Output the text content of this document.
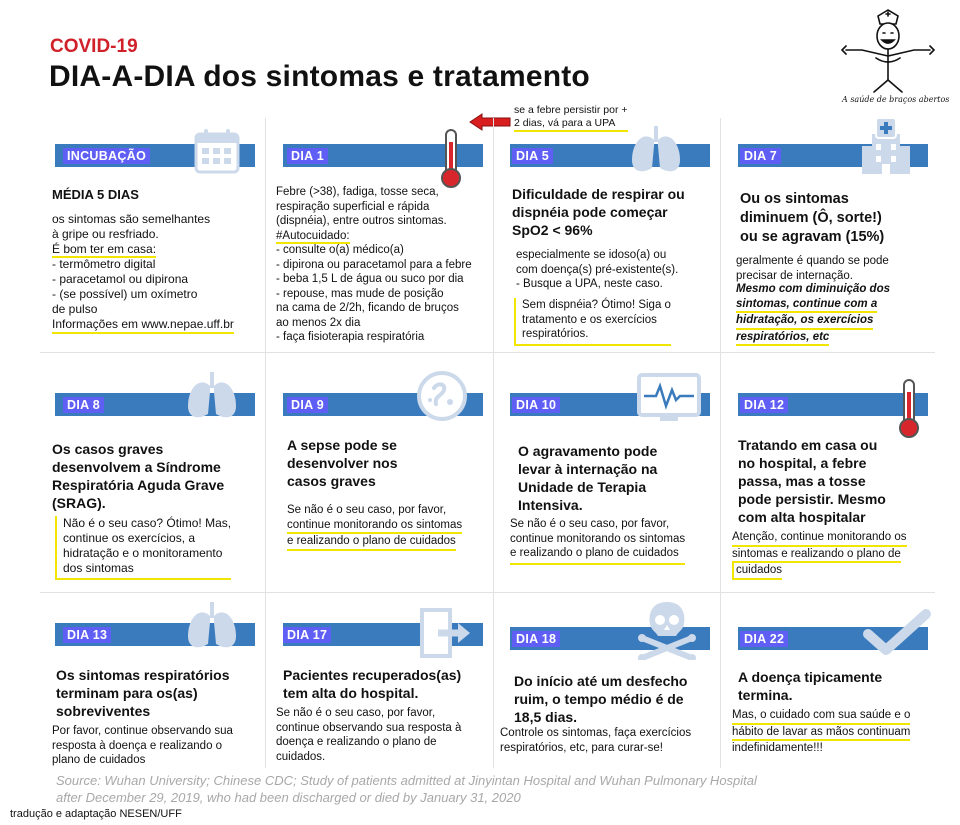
COVID-19
DIA-A-DIA dos sintomas e tratamento
A saúde de braços abertos
se a febre persistir por +
2 dias, vá para a UPA
INCUBAÇÃO
MÉDIA 5 DIAS
os sintomas são semelhantes
à gripe ou resfriado.
É bom ter em casa:
- termômetro digital
- paracetamol ou dipirona
- (se possível) um oxímetro
de pulso
Informações em www.nepae.uff.br
DIA 1
Febre (>38), fadiga, tosse seca,
respiração superficial e rápida
(dispnéia), entre outros sintomas.
#Autocuidado:
- consulte o(a) médico(a)
- dipirona ou paracetamol para a febre
- beba 1,5 L de água ou suco por dia
- repouse, mas mude de posição
na cama de 2/2h, ficando de bruços
ao menos 2x dia
- faça fisioterapia respiratória
DIA 5
Dificuldade de respirar ou
dispnéia pode começar
SpO2 < 96%
especialmente se idoso(a) ou
com doença(s) pré-existente(s).
- Busque a UPA, neste caso.
Sem dispnéia? Ótimo! Siga o
tratamento e os exercícios
respiratórios.
DIA 7
Ou os sintomas
diminuem (Ô, sorte!)
ou se agravam (15%)
geralmente é quando se pode
precisar de internação.
Mesmo com diminuição dos
sintomas, continue com a
hidratação, os exercícios
respiratórios, etc
DIA 8
Os casos graves
desenvolvem a Síndrome
Respiratória Aguda Grave
(SRAG).
Não é o seu caso? Ótimo! Mas,
continue os exercícios, a
hidratação e o monitoramento
dos sintomas
DIA 9
A sepse pode se
desenvolver nos
casos graves
Se não é o seu caso, por favor,
continue monitorando os sintomas
e realizando o plano de cuidados
DIA 10
O agravamento pode
levar à internação na
Unidade de Terapia
Intensiva.
Se não é o seu caso, por favor,
continue monitorando os sintomas
e realizando o plano de cuidados
DIA 12
Tratando em casa ou
no hospital, a febre
passa, mas a tosse
pode persistir. Mesmo
com alta hospitalar
Atenção, continue monitorando os
sintomas e realizando o plano de
cuidados
DIA 13
Os sintomas respiratórios
terminam para os(as)
sobreviventes
Por favor, continue observando sua
resposta à doença e realizando o
plano de cuidados
DIA 17
Pacientes recuperados(as)
tem alta do hospital.
Se não é o seu caso, por favor,
continue observando sua resposta à
doença e realizando o plano de
cuidados.
DIA 18
Do início até um desfecho
ruim, o tempo médio é de
18,5 dias.
Controle os sintomas, faça exercícios
respiratórios, etc, para curar-se!
DIA 22
A doença tipicamente
termina.
Mas, o cuidado com sua saúde e o
hábito de lavar as mãos continuam

indefinidamente!!!
Source: Wuhan University; Chinese CDC; Study of patients admitted at Jinyintan Hospital and Wuhan Pulmonary Hospital
after December 29, 2019, who had been discharged or died by January 31, 2020
tradução e adaptação NESEN/UFF
